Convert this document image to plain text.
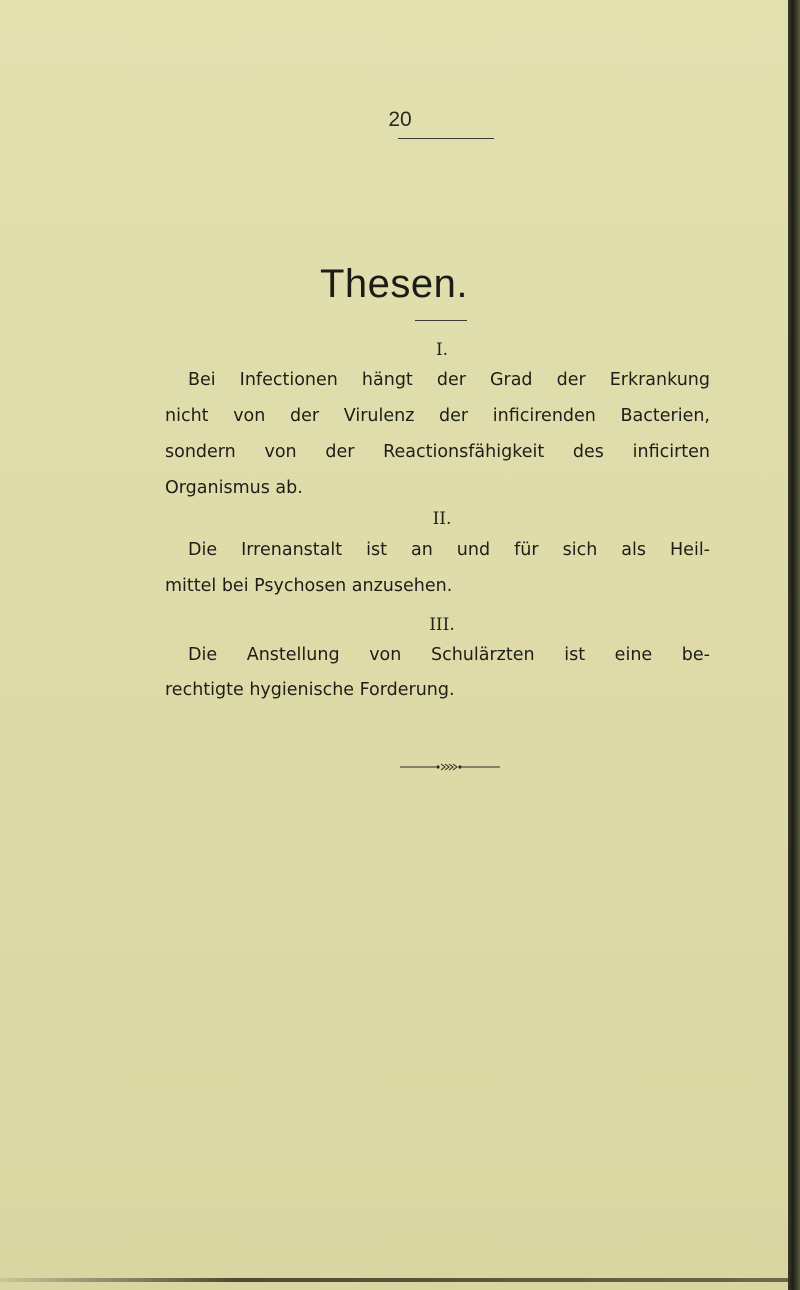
20
Thesen.
I.
Bei Infectionen hängt der Grad der Erkrankung
nicht von der Virulenz der inficirenden Bacterien,
sondern von der Reactionsfähigkeit des inficirten
Organismus ab.
II.
Die Irrenanstalt ist an und für sich als Heil-
mittel bei Psychosen anzusehen.
III.
Die Anstellung von Schulärzten ist eine be-
rechtigte hygienische Forderung.
